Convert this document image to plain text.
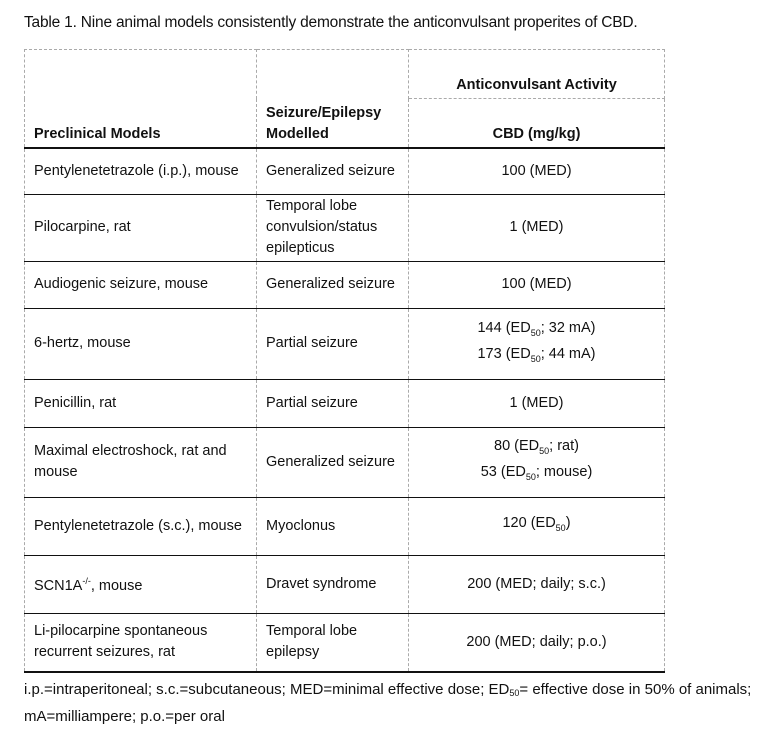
Table 1. Nine animal models consistently demonstrate the anticonvulsant properites of CBD.
		Anticonvulsant Activity
Preclinical Models	Seizure/Epilepsy Modelled	CBD (mg/kg)
Pentylenetetrazole (i.p.), mouse	Generalized seizure	100 (MED)

Pilocarpine, rat	Temporal lobe convulsion/status epilepticus	1 (MED)

Audiogenic seizure, mouse	Generalized seizure	100 (MED)

6-hertz, mouse	Partial seizure	144 ($ED_{50}$; 32 mA)
173 ($ED_{50}$; 44 mA)

Penicillin, rat	Partial seizure	1 (MED)

Maximal electroshock, rat and mouse	Generalized seizure	80 ($ED_{50}$; rat)
53 ($ED_{50}$; mouse)

Pentylenetetrazole (s.c.), mouse	Myoclonus	120 $(ED_{50})$

SCN1A-/-, mouse	Dravet syndrome	200 (MED; daily; s.c.)

Li-pilocarpine spontaneous recurrent seizures, rat	Temporal lobe epilepsy	200 (MED; daily; p.o.)
i.p.=intraperitoneal; s.c.=subcutaneous; MED=minimal effective dose; $ED_{50}=$ effective dose in 50% of animals; mA=milliampere; p.o.=per oral
